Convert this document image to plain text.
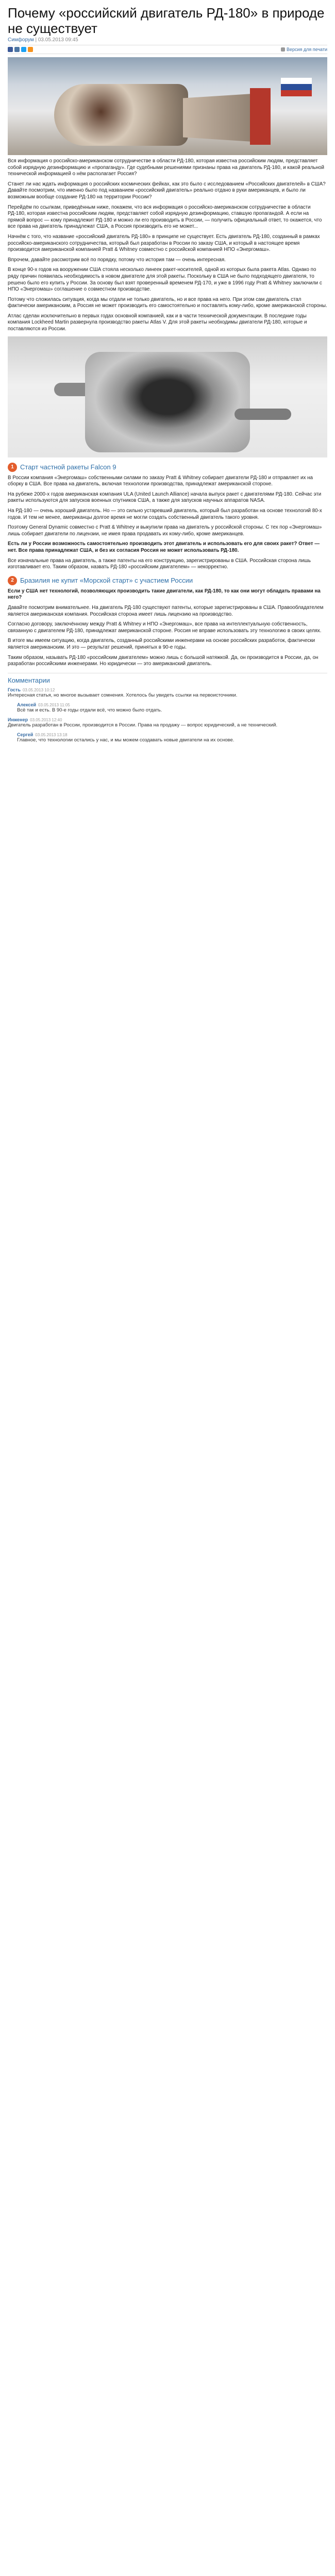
Почему «российский двигатель РД-180» в природе не существует
Симфорум | 03.05.2013 09:45
Версия для печати

Вся информация о российско-американском сотрудничестве в области РД-180, которая известна российским людям, представляет собой изрядную дезинформацию и «пропаганду». Где судебными решениями признаны права на двигатель РД-180, и какой реальной технической информацией о нём располагает Россия?

Станет ли нас ждать информация о российских космических фейках, как это было с исследованием «Российских двигателей» в США? Давайте посмотрим, что именно было под названием «российский двигатель» реально отдано в руки американцев, и было ли возможным вообще создание РД-180 на территории России?

Перейдём по ссылкам, приведённым ниже, покажем, что вся информация о российско-американском сотрудничестве в области РД-180, которая известна российским людям, представляет собой изрядную дезинформацию, ставшую пропагандой. А если на прямой вопрос — кому принадлежит РД-180 и можно ли его производить в России, — получить официальный ответ, то окажется, что все права на двигатель принадлежат США, а Россия производить его не может...

Начнём с того, что название «российский двигатель РД-180» в принципе не существует. Есть двигатель РД-180, созданный в рамках российско-американского сотрудничества, который был разработан в России по заказу США, и который в настоящее время производится американской компанией Pratt & Whitney совместно с российской компанией НПО «Энергомаш».

Впрочем, давайте рассмотрим всё по порядку, потому что история там — очень интересная.

В конце 90-х годов на вооружении США стояла несколько линеек ракет-носителей, одной из которых была ракета Atlas. Однако по ряду причин появилась необходимость в новом двигателе для этой ракеты. Поскольку в США не было подходящего двигателя, то решено было его купить у России. За основу был взят проверенный временем РД-170, и уже в 1996 году Pratt & Whitney заключили с НПО «Энергомаш» соглашение о совместном производстве.

Потому что сложилась ситуация, когда мы отдали не только двигатель, но и все права на него. При этом сам двигатель стал фактически американским, а Россия не может производить его самостоятельно и поставлять кому-либо, кроме американской стороны.

Атлас сделан исключительно в первых годах основной компанией, как и в части технической документации. В последние годы компания Lockheed Martin развернула производство ракеты Atlas V. Для этой ракеты необходимы двигатели РД-180, которые и поставляются из России.

1 Старт частной ракеты Falcon 9

В России компания «Энергомаш» собственными силами по заказу Pratt & Whitney собирает двигатели РД-180 и отправляет их на сборку в США. Все права на двигатель, включая технологии производства, принадлежат американской стороне.

На рубеже 2000-х годов американская компания ULA (United Launch Alliance) начала выпуск ракет с двигателями РД-180. Сейчас эти ракеты используются для запусков военных спутников США, а также для запусков научных аппаратов NASA.

На РД-180 — очень хороший двигатель. Но — это сильно устаревший двигатель, который был разработан на основе технологий 80-х годов. И тем не менее, американцы долгое время не могли создать собственный двигатель такого уровня.

Поэтому General Dynamic совместно с Pratt & Whitney и выкупили права на двигатель у российской стороны. С тех пор «Энергомаш» лишь собирает двигатели по лицензии, не имея права продавать их кому-либо, кроме американцев.

Есть ли у России возможность самостоятельно производить этот двигатель и использовать его для своих ракет? Ответ — нет. Все права принадлежат США, и без их согласия Россия не может использовать РД-180.

Все изначальные права на двигатель, а также патенты на его конструкцию, зарегистрированы в США. Российская сторона лишь изготавливает его. Таким образом, назвать РД-180 «российским двигателем» — некорректно.

2 Бразилия не купит «Морской старт» с участием России

Если у США нет технологий, позволяющих производить такие двигатели, как РД-180, то как они могут обладать правами на него?

Давайте посмотрим внимательнее. На двигатель РД-180 существуют патенты, которые зарегистрированы в США. Правообладателем является американская компания. Российская сторона имеет лишь лицензию на производство.

Согласно договору, заключённому между Pratt & Whitney и НПО «Энергомаш», все права на интеллектуальную собственность, связанную с двигателем РД-180, принадлежат американской стороне. Россия не вправе использовать эту технологию в своих целях.

В итоге мы имеем ситуацию, когда двигатель, созданный российскими инженерами на основе российских разработок, фактически является американским. И это — результат решений, принятых в 90-е годы.

Таким образом, называть РД-180 «российским двигателем» можно лишь с большой натяжкой. Да, он производится в России, да, он разработан российскими инженерами. Но юридически — это американский двигатель.

Комментарии
Гость 03.05.2013 10:12
Интересная статья, но многое вызывает сомнения. Хотелось бы увидеть ссылки на первоисточники.
Алексей 03.05.2013 11:05
Всё так и есть. В 90-е годы отдали всё, что можно было отдать.
Инженер 03.05.2013 12:40
Двигатель разработан в России, производится в России. Права на продажу — вопрос юридический, а не технический.
Сергей 03.05.2013 13:18
Главное, что технологии остались у нас, и мы можем создавать новые двигатели на их основе.
